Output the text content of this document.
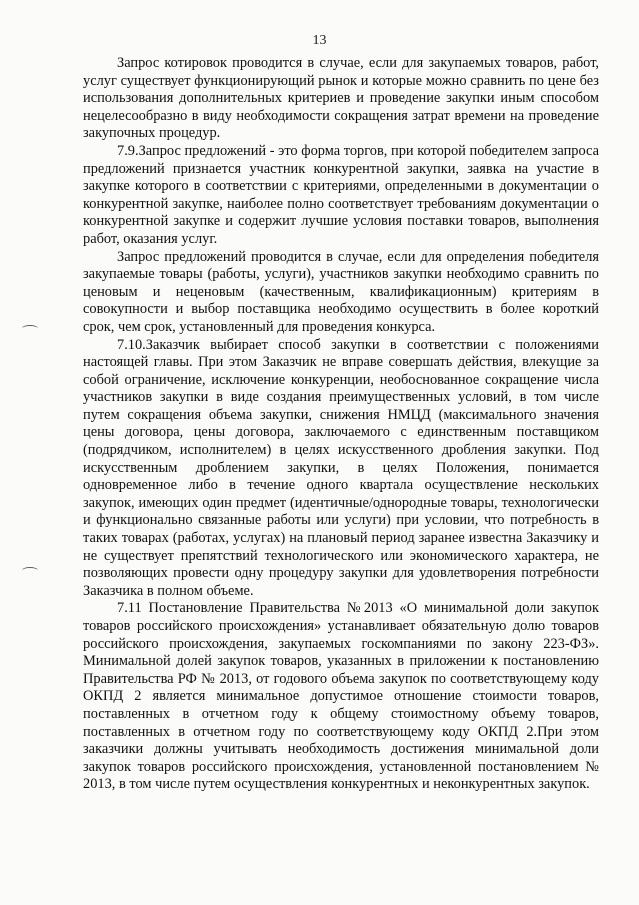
13

Запрос котировок проводится в случае, если для закупаемых товаров, работ, услуг существует функционирующий рынок и которые можно сравнить по цене без использования дополнительных критериев и проведение закупки иным способом нецелесообразно в виду необходимости сокращения затрат времени на проведение закупочных процедур.

7.9.Запрос предложений - это форма торгов, при которой победителем запроса предложений признается участник конкурентной закупки, заявка на участие в закупке которого в соответствии с критериями, определенными в документации о конкурентной закупке, наиболее полно соответствует требованиям документации о конкурентной закупке и содержит лучшие условия поставки товаров, выполнения работ, оказания услуг.

Запрос предложений проводится в случае, если для определения победителя закупаемые товары (работы, услуги), участников закупки необходимо сравнить по ценовым и неценовым (качественным, квалификационным) критериям в совокупности и выбор поставщика необходимо осуществить в более короткий срок, чем срок, установленный для проведения конкурса.

7.10.Заказчик выбирает способ закупки в соответствии с положениями настоящей главы. При этом Заказчик не вправе совершать действия, влекущие за собой ограничение, исключение конкуренции, необоснованное сокращение числа участников закупки в виде создания преимущественных условий, в том числе путем сокращения объема закупки, снижения НМЦД (максимального значения цены договора, цены договора, заключаемого с единственным поставщиком (подрядчиком, исполнителем) в целях искусственного дробления закупки. Под искусственным дроблением закупки, в целях Положения, понимается одновременное либо в течение одного квартала осуществление нескольких закупок, имеющих один предмет (идентичные/однородные товары, технологически и функционально связанные работы или услуги) при условии, что потребность в таких товарах (работах, услугах) на плановый период заранее известна Заказчику и не существует препятствий технологического или экономического характера, не позволяющих провести одну процедуру закупки для удовлетворения потребности Заказчика в полном объеме.

7.11 Постановление Правительства №2013 «О минимальной доли закупок товаров российского происхождения» устанавливает обязательную долю товаров российского происхождения, закупаемых госкомпаниями по закону 223-ФЗ». Минимальной долей закупок товаров, указанных в приложении к постановлению Правительства РФ № 2013, от годового объема закупок по соответствующему коду ОКПД 2 является минимальное допустимое отношение стоимости товаров, поставленных в отчетном году к общему стоимостному объему товаров, поставленных в отчетном году по соответствующему коду ОКПД 2.При этом заказчики должны учитывать необходимость достижения минимальной доли закупок товаров российского происхождения, установленной постановлением № 2013, в том числе путем осуществления конкурентных и неконкурентных закупок.
